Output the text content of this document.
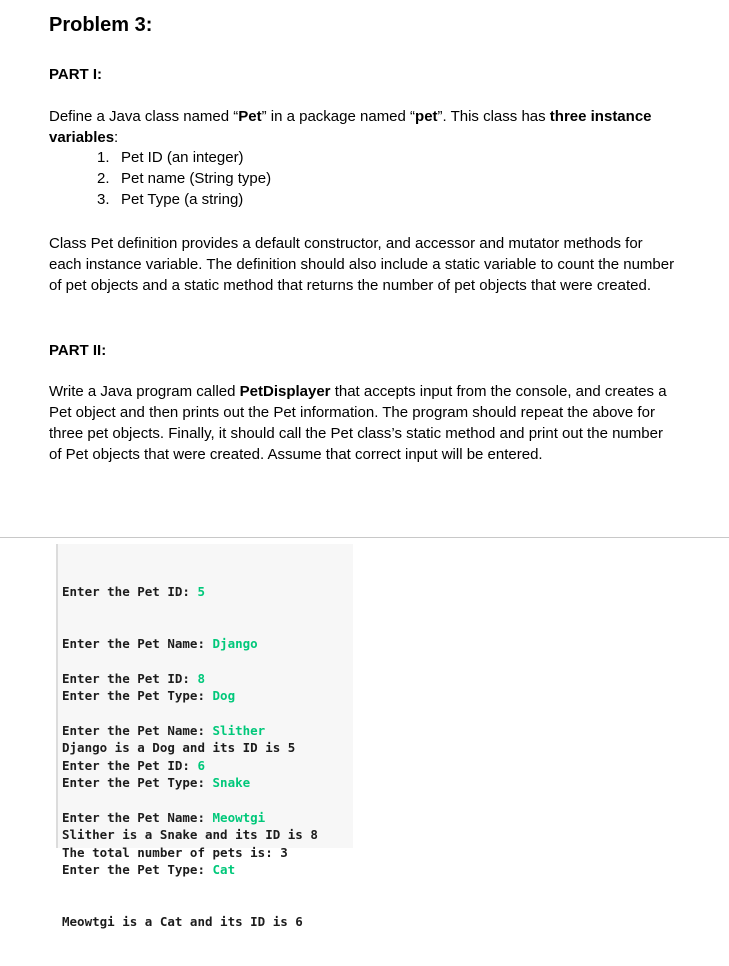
Problem 3:
PART I:
Define a Java class named “Pet” in a package named “pet”. This class has three instance variables:
1. Pet ID (an integer)
2. Pet name (String type)
3. Pet Type (a string)
Class Pet definition provides a default constructor, and accessor and mutator methods for each instance variable. The definition should also include a static variable to count the number of pet objects and a static method that returns the number of pet objects that were created.
PART II:
Write a Java program called PetDisplayer that accepts input from the console, and creates a Pet object and then prints out the Pet information. The program should repeat the above for three pet objects. Finally, it should call the Pet class’s static method and print out the number of Pet objects that were created. Assume that correct input will be entered.

Enter the Pet ID: 5

Enter the Pet Name: Django

Enter the Pet Type: Dog

Django is a Dog and its ID is 5

Enter the Pet ID: 8

Enter the Pet Name: Slither

Enter the Pet Type: Snake

Slither is a Snake and its ID is 8

Enter the Pet ID: 6

Enter the Pet Name: Meowtgi

Enter the Pet Type: Cat

Meowtgi is a Cat and its ID is 6

The total number of pets is: 3
